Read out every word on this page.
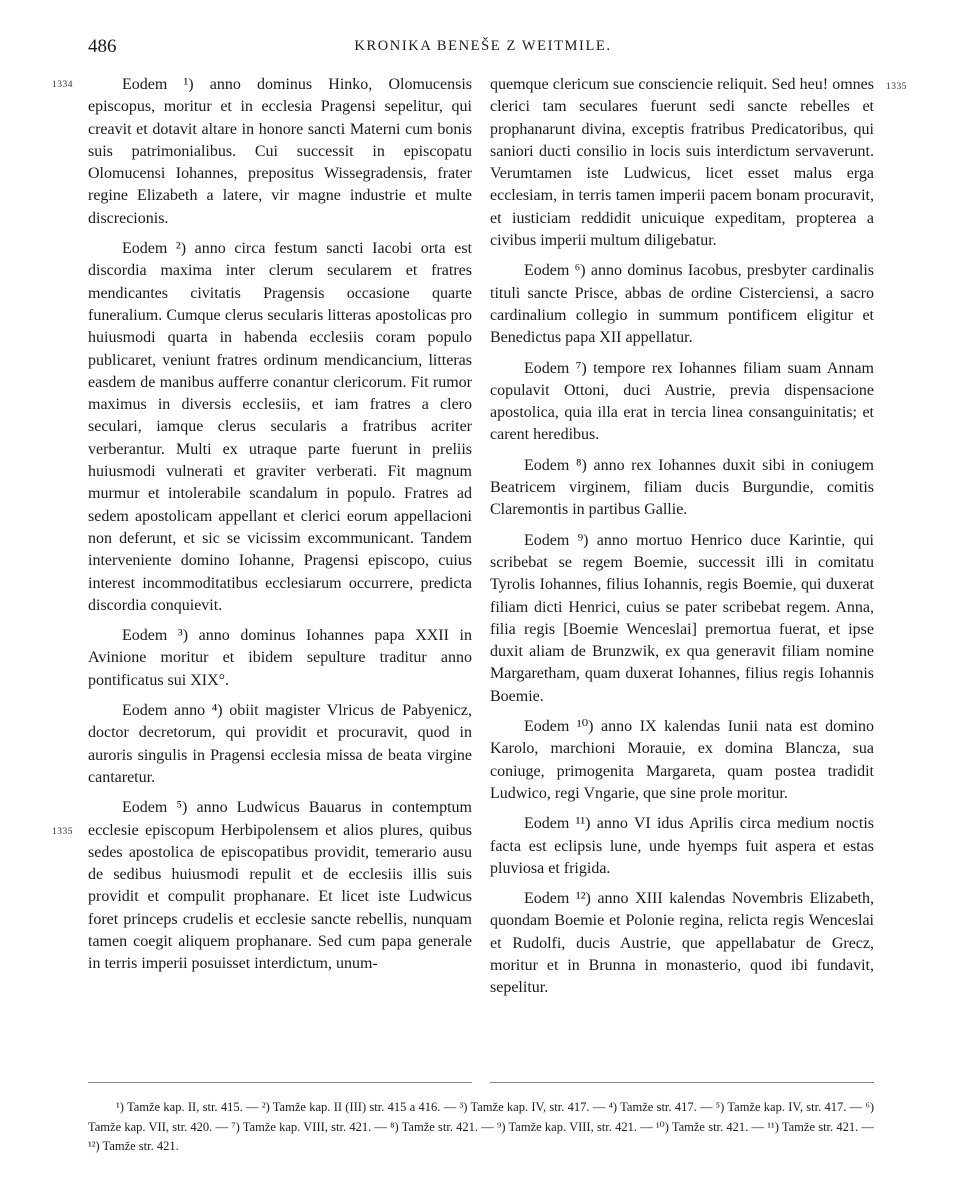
486	KRONIKA BENEŠE Z WEITMILE.
1334	1335
1335

Eodem ¹) anno dominus Hinko, Olomucensis episcopus, moritur et in ecclesia Pragensi sepelitur, qui creavit et dotavit altare in honore sancti Materni cum bonis suis patrimonialibus. Cui successit in episcopatu Olomucensi Iohannes, prepositus Wissegradensis, frater regine Elizabeth a latere, vir magne industrie et multe discrecionis.

Eodem ²) anno circa festum sancti Iacobi orta est discordia maxima inter clerum secularem et fratres mendicantes civitatis Pragensis occasione quarte funeralium. Cumque clerus secularis litteras apostolicas pro huiusmodi quarta in habenda ecclesiis coram populo publicaret, veniunt fratres ordinum mendicancium, litteras easdem de manibus aufferre conantur clericorum. Fit rumor maximus in diversis ecclesiis, et iam fratres a clero seculari, iamque clerus secularis a fratribus acriter verberantur. Multi ex utraque parte fuerunt in preliis huiusmodi vulnerati et graviter verberati. Fit magnum murmur et intolerabile scandalum in populo. Fratres ad sedem apostolicam appellant et clerici eorum appellacioni non deferunt, et sic se vicissim excommunicant. Tandem interveniente domino Iohanne, Pragensi episcopo, cuius interest incommoditatibus ecclesiarum occurrere, predicta discordia conquievit.

Eodem ³) anno dominus Iohannes papa XXII in Avinione moritur et ibidem sepulture traditur anno pontificatus sui XIX°.

Eodem anno ⁴) obiit magister Vlricus de Pabyenicz, doctor decretorum, qui providit et procuravit, quod in aurоris singulis in Pragensi ecclesia missa de beata virgine cantaretur.

Eodem ⁵) anno Ludwicus Bauarus in contemptum ecclesie episcopum Herbipolensem et alios plures, quibus sedes apostolica de episcopatibus providit, temerario ausu de sedibus huiusmodi repulit et de ecclesiis illis suis providit et compulit prophanare. Et licet iste Ludwicus foret princeps crudelis et ecclesie sancte rebellis, nunquam tamen coegit aliquem prophanare. Sed cum papa generale in terris imperii posuisset interdictum, unum-

quemque clericum sue consciencie reliquit. Sed heu! omnes clerici tam seculares fuerunt sedi sancte rebelles et prophanarunt divina, exceptis fratribus Predicatoribus, qui saniori ducti consilio in locis suis interdictum servaverunt. Verumtamen iste Ludwicus, licet esset malus erga ecclesiam, in terris tamen imperii pacem bonam procuravit, et iusticiam reddidit unicuique expeditam, propterea a civibus imperii multum diligebatur.

Eodem ⁶) anno dominus Iacobus, presbyter cardinalis tituli sancte Prisce, abbas de ordine Cisterciensi, a sacro cardinalium collegio in summum pontificem eligitur et Benedictus papa XII appellatur.

Eodem ⁷) tempore rex Iohannes filiam suam Annam copulavit Ottoni, duci Austrie, previa dispensacione apostolica, quia illa erat in tercia linea consanguinitatis; et carent heredibus.

Eodem ⁸) anno rex Iohannes duxit sibi in coniugem Beatricem virginem, filiam ducis Burgundie, comitis Claremontis in partibus Gallie.

Eodem ⁹) anno mortuo Henrico duce Karintie, qui scribebat se regem Boemie, successit illi in comitatu Tyrolis Iohannes, filius Iohannis, regis Boemie, qui duxerat filiam dicti Henrici, cuius se pater scribebat regem. Anna, filia regis [Boemie Wenceslai] premortua fuerat, et ipse duxit aliam de Brunzwik, ex qua generavit filiam nomine Margaretham, quam duxerat Iohannes, filius regis Iohannis Boemie.

Eodem ¹⁰) anno IX kalendas Iunii nata est domino Karolo, marchioni Morauie, ex domina Blancza, sua coniuge, primogenita Margareta, quam postea tradidit Ludwico, regi Vngarie, que sine prole moritur.

Eodem ¹¹) anno VI idus Aprilis circa medium noctis facta est eclipsis lune, unde hyemps fuit aspera et estas pluviosa et frigida.

Eodem ¹²) anno XIII kalendas Novembris Elizabeth, quondam Boemie et Polonie regina, relicta regis Wenceslai et Rudolfi, ducis Austrie, que appellabatur de Grecz, moritur et in Brunna in monasterio, quod ibi fundavit, sepelitur.

¹) Tamže kap. II, str. 415. — ²) Tamže kap. II (III) str. 415 a 416. — ³) Tamže kap. IV, str. 417. — ⁴) Tamže str. 417. — ⁵) Tamže kap. IV, str. 417. — ⁶) Tamže kap. VII, str. 420. — ⁷) Tamže kap. VIII, str. 421. — ⁸) Tamže str. 421. — ⁹) Tamže kap. VIII, str. 421. — ¹⁰) Tamže str. 421. — ¹¹) Tamže str. 421. — ¹²) Tamže str. 421.
